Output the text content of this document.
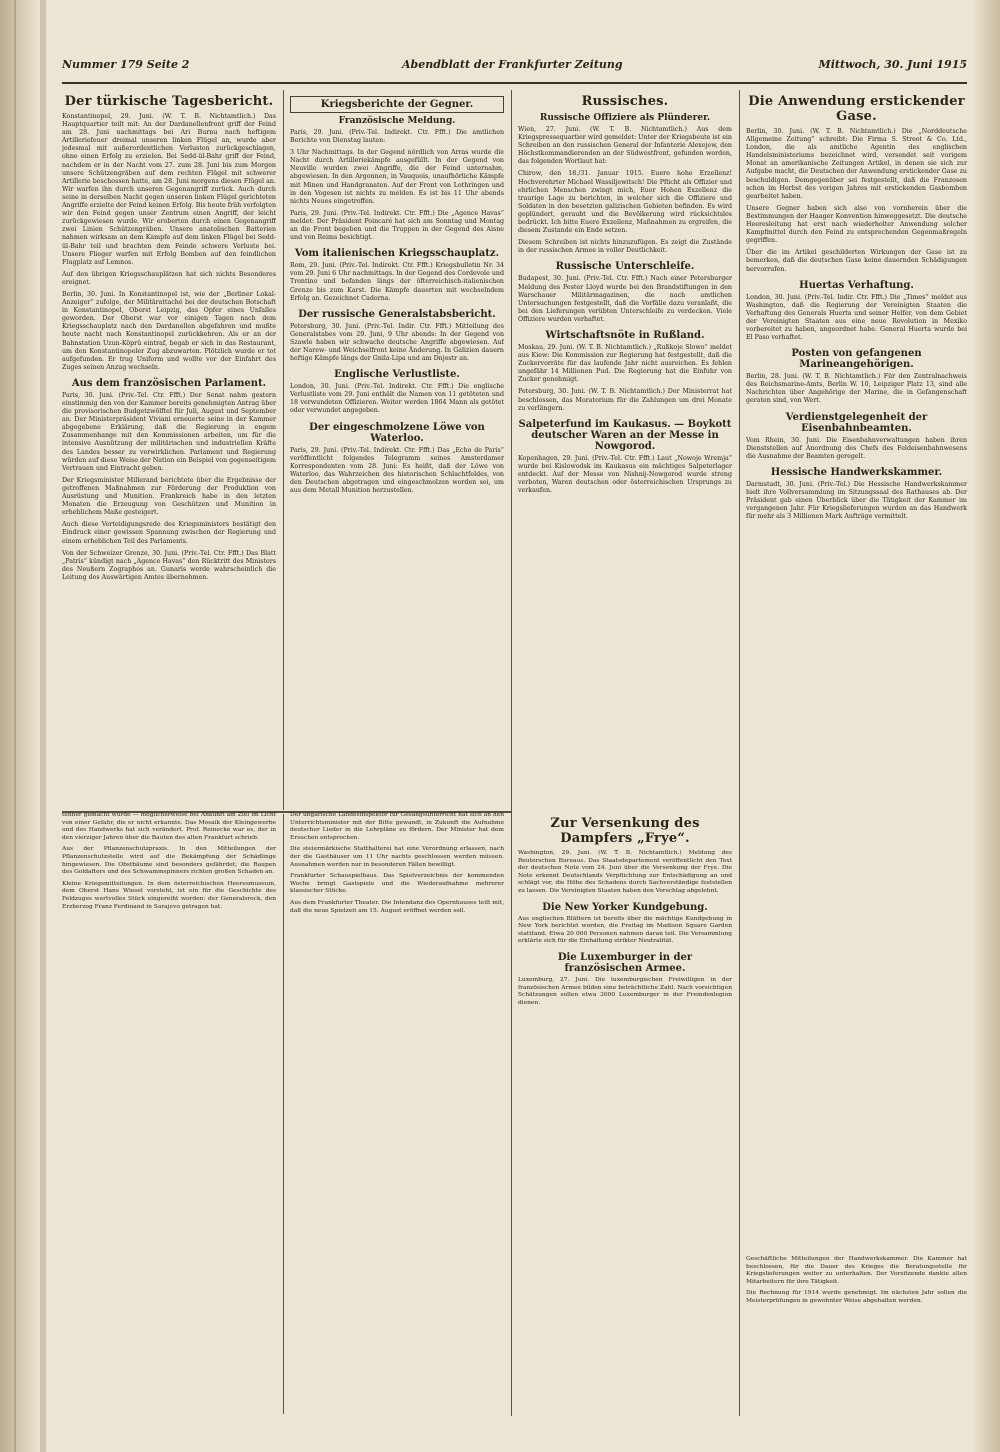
Nummer 179 Seite 2	Abendblatt der Frankfurter Zeitung	Mittwoch, 30. Juni 1915
Der türkische Tagesbericht.

Konstantinopel, 29. Juni. (W. T. B. Nichtamtlich.) Das Hauptquartier teilt mit: An der Dardanellenfront griff der Feind am 28. Juni nachmittags bei Ari Burnu nach heftigem Artilleriefeuer dreimal unseren linken Flügel an, wurde aber jedesmal mit außerordentlichen Verlusten zurückgeschlagen, ohne einen Erfolg zu erzielen. Bei Sedd-ül-Bahr griff der Feind, nachdem er in der Nacht vom 27. zum 28. Juni bis zum Morgen unsere Schützengräben auf dem rechten Flügel mit schwerer Artillerie beschossen hatte, am 28. Juni morgens diesen Flügel an. Wir warfen ihn durch unseren Gegenangriff zurück. Auch durch seine in derselben Nacht gegen unseren linken Flügel gerichteten Angriffe erzielte der Feind keinen Erfolg. Bis heute früh verfolgten wir den Feind gegen unser Zentrum einen Angriff, der leicht zurückgewiesen wurde. Wir eroberten durch einen Gegenangriff zwei Linien Schützengräben. Unsere anatolischen Batterien nahmen wirksam an dem Kampfe auf dem linken Flügel bei Sedd-ül-Bahr teil und brachten dem Feinde schwere Verluste bei. Unsere Flieger warfen mit Erfolg Bomben auf den feindlichen Flugplatz auf Lemnos.

Auf den übrigen Kriegsschauplätzen hat sich nichts Besonderes ereignet.

Berlin, 30. Juni. In Konstantinopel ist, wie der „Berliner Lokal-Anzeiger“ zufolge, der Militärattaché bei der deutschen Botschaft in Konstantinopel, Oberst Leipzig, das Opfer eines Unfalles geworden. Der Oberst war vor einigen Tagen nach dem Kriegsschauplatz nach den Dardanellen abgefahren und mußte heute nacht nach Konstantinopel zurückkehren. Als er an der Bahnstation Uzun-Köprü eintraf, begab er sich in das Restaurant, um den Konstantinopeler Zug abzuwarten. Plötzlich wurde er tot aufgefunden. Er trug Uniform und wollte vor der Einfahrt des Zuges seinen Anzug wechseln.

Aus dem französischen Parlament.

Paris, 30. Juni. (Priv.-Tel. Ctr. Ffft.) Der Senat nahm gestern einstimmig den von der Kammer bereits genehmigten Antrag über die provisorischen Budgetzwölftel für Juli, August und September an. Der Ministerpräsident Viviani erneuerte seine in der Kammer abgegebene Erklärung, daß die Regierung in engem Zusammenhange mit den Kommissionen arbeiten, um für die intensive Ausnützung der militärischen und industriellen Kräfte des Landes besser zu verwirklichen. Parlament und Regierung würden auf diese Weise der Nation ein Beispiel von gegenseitigem Vertrauen und Eintracht geben.

Der Kriegsminister Millerand berichtete über die Ergebnisse der getroffenen Maßnahmen zur Förderung der Produktion von Ausrüstung und Munition. Frankreich habe in den letzten Monaten die Erzeugung von Geschützen und Munition in erheblichem Maße gesteigert.

Auch diese Verteidigungsrede des Kriegsministers bestätigt den Eindruck einer gewissen Spannung zwischen der Regierung und einem erheblichen Teil des Parlaments.

Von der Schweizer Grenze, 30. Juni. (Priv.-Tel. Ctr. Ffft.) Das Blatt „Patris“ kündigt nach „Agence Havas“ den Rücktritt des Ministers des Neußern Zographos an. Gunaris werde wahrscheinlich die Leitung des Auswärtigen Amtes übernehmen.

Kriegsberichte der Gegner.
Französische Meldung.

Paris, 29. Juni. (Priv.-Tel. Indirekt. Ctr. Ffft.) Die amtlichen Berichte von Dienstag lauten:

3 Uhr Nachmittags. In der Gegend nördlich von Arras wurde die Nacht durch Artilleriekämpfe ausgefüllt. In der Gegend von Neuville wurden zwei Angriffe, die der Feind unternahm, abgewiesen. In den Argonnen, in Vauquois, unaufhörliche Kämpfe mit Minen und Handgranaten. Auf der Front von Lothringen und in den Vogesen ist nichts zu melden. Es ist bis 11 Uhr abends nichts Neues eingetroffen.

Paris, 29. Juni. (Priv.-Tel. Indirekt. Ctr. Ffft.) Die „Agence Havas“ meldet: Der Präsident Poincaré hat sich am Sonntag und Montag an die Front begeben und die Truppen in der Gegend des Aisne und von Reims besichtigt.

Vom italienischen Kriegsschauplatz.

Rom, 29. Juni. (Priv.-Tel. Indirekt. Ctr. Ffft.) Kriegsbulletin Nr. 34 vom 29. Juni 6 Uhr nachmittags. In der Gegend des Cordevole und Trentino und befanden längs der öfterreichisch-italienischen Grenze bis zum Karst. Die Kämpfe dauerten mit wechselndem Erfolg an. Gezeichnet Cadorna.

Der russische Generalstabsbericht.

Petersburg, 30. Juni. (Priv.-Tel. Indir. Ctr. Ffft.) Mitteilung des Generalstabes vom 29. Juni, 9 Uhr abends: In der Gegend von Szawle haben wir schwache deutsche Angriffe abgewiesen. Auf der Narew- und Weichselfront keine Änderung. In Galizien dauern heftige Kämpfe längs der Gnila-Lipa und am Dnjestr an.

Englische Verlustliste.

London, 30. Juni. (Priv.-Tel. Indirekt. Ctr. Ffft.) Die englische Verlustliste vom 29. Juni enthält die Namen von 11 getöteten und 18 verwundeten Offizieren. Weiter werden 1864 Mann als getötet oder verwundet angegeben.

Der eingeschmolzene Löwe von Waterloo.

Paris, 29. Juni. (Priv.-Tel. Indirekt. Ctr. Ffft.) Das „Echo de Paris“ veröffentlicht folgendes Telegramm seines Amsterdamer Korrespondenten vom 28. Juni: Es heißt, daß der Löwe von Waterloo, das Wahrzeichen des historischen Schlachtfeldes, von den Deutschen abgetragen und eingeschmolzen worden sei, um aus dem Metall Munition herzustellen.

Russisches.
Russische Offiziere als Plünderer.

Wien, 27. Juni. (W. T. B. Nichtamtlich.) Aus dem Kriegspressequartier wird gemeldet: Unter der Kriegsbeute ist ein Schreiben an den russischen General der Infanterie Alexejew, den Höchstkommandierenden an der Südwestfront, gefunden worden, das folgenden Wortlaut hat:

Chirow, den 18./31. Januar 1915. Euere hohe Erzellenz! Hochverehrter Michael Wassiljewitsch! Die Pflicht als Offizier und ehrlichen Menschen zwingt mich, Euer Hohen Exzellenz die traurige Lage zu berichten, in welcher sich die Offiziere und Soldaten in den besetzten galizischen Gebieten befinden. Es wird geplündert, geraubt und die Bevölkerung wird rücksichtslos bedrückt. Ich bitte Euere Exzellenz, Maßnahmen zu ergreifen, die diesem Zustande ein Ende setzen.

Diesem Schreiben ist nichts hinzuzufügen. Es zeigt die Zustände in der russischen Armee in voller Deutlichkeit.

Russische Unterschleife.

Budapest, 30. Juni. (Priv.-Tel. Ctr. Ffft.) Nach einer Petersburger Meldung des Pester Lloyd wurde bei den Brandstiftungen in den Warschauer Militärmagazinen, die nach amtlichen Untersuchungen festgestellt, daß die Vorfälle dazu veranlaßt, die bei den Lieferungen verübten Unterschleife zu verdecken. Viele Offiziere wurden verhaftet.

Wirtschaftsnöte in Rußland.

Moskau, 29. Juni. (W. T. B. Nichtamtlich.) „Rußkoje Slowo“ meldet aus Kiew: Die Kommission zur Regierung hat festgestellt, daß die Zuckervorräte für das laufende Jahr nicht ausreichen. Es fehlen ungefähr 14 Millionen Pud. Die Regierung hat die Einfuhr von Zucker genehmigt.

Petersburg, 30. Juni. (W. T. B. Nichtamtlich.) Der Ministerrat hat beschlossen, das Moratorium für die Zahlungen um drei Monate zu verlängern.

Salpeterfund im Kaukasus. — Boykott deutscher Waren an der Messe in Nowgorod.

Kopenhagen, 29. Juni. (Priv.-Tel. Ctr. Ffft.) Laut „Nowoje Wremja“ wurde bei Kislowodsk im Kaukasus ein mächtiges Salpeterlager entdeckt. Auf der Messe von Nishnij-Nowgorod wurde streng verboten, Waren deutschen oder österreichischen Ursprungs zu verkaufen.

Die Anwendung erstickender Gase.

Berlin, 30. Juni. (W. T. B. Nichtamtlich.) Die „Norddeutsche Allgemeine Zeitung“ schreibt: Die Firma S. Street & Co. Ltd., London, die als amtliche Agentin des englischen Handelsministeriums bezeichnet wird, versendet seit vorigem Monat an amerikanische Zeitungen Artikel, in denen sie sich zur Aufgabe macht, die Deutschen der Anwendung erstickender Gase zu beschuldigen. Demgegenüber sei festgestellt, daß die Franzosen schon im Herbst des vorigen Jahres mit erstickenden Gasbomben gearbeitet haben.

Unsere Gegner haben sich also von vornherein über die Bestimmungen der Haager Konvention hinweggesetzt. Die deutsche Heeresleitung hat erst nach wiederholter Anwendung solcher Kampfmittel durch den Feind zu entsprechenden Gegenmaßregeln gegriffen.

Über die im Artikel geschilderten Wirkungen der Gase ist zu bemerken, daß die deutschen Gase keine dauernden Schädigungen hervorrufen.

Huertas Verhaftung.

London, 30. Juni. (Priv.-Tel. Indir. Ctr. Ffft.) Die „Times“ meldet aus Washington, daß die Regierung der Vereinigten Staaten die Verhaftung des Generals Huerta und seiner Helfer, von dem Gebiet der Vereinigten Staaten aus eine neue Revolution in Mexiko vorbereitet zu haben, angeordnet habe. General Huerta wurde bei El Paso verhaftet.

Posten von gefangenen Marineangehörigen.

Berlin, 28. Juni. (W. T. B. Nichtamtlich.) Für den Zentralnachweis des Reichsmarine-Amts, Berlin W. 10, Leipziger Platz 13, sind alle Nachrichten über Angehörige der Marine, die in Gefangenschaft geraten sind, von Wert.

Verdienstgelegenheit der Eisenbahnbeamten.

Vom Rhein, 30. Juni. Die Eisenbahnverwaltungen haben ihren Dienststellen auf Anordnung des Chefs des Feldeisenbahnwesens die Ausnahme der Beamten geregelt.

Hessische Handwerkskammer.

Darmstadt, 30. Juni. (Priv.-Tel.) Die Hessische Handwerkskammer hielt ihre Vollversammlung im Sitzungssaal des Rathauses ab. Der Präsident gab einen Überblick über die Tätigkeit der Kammer im vergangenen Jahr. Für Kriegslieferungen wurden an das Handwerk für mehr als 3 Millionen Mark Aufträge vermittelt.

tenner gemacht wurde — möglicherweise bei Ankunft am Ziel im Licht von einer Gefahr, die er nicht erkannte. Das Mosaik der Kleingewerbe und des Handwerks hat sich verändert. Prof. Reinecke war es, der in den vierziger Jahren über die Bauten des alten Frankfurt schrieb.

Aus der Pflanzenschutzpraxis. In den Mitteilungen der Pflanzenschutzstelle wird auf die Bekämpfung der Schädlinge hingewiesen. Die Obstbäume sind besonders gefährdet; die Raupen des Goldafters und des Schwammspinners richten großen Schaden an.

Kleine Kriegsmitteilungen. In dem österreichischen Heeresmuseum, dem Oberst Hans Wiesel vorsteht, ist ein für die Geschichte des Feldzuges wertvolles Stück eingereiht worden: der Generalsrock, den Erzherzog Franz Ferdinand in Sarajevo getragen hat.

Der ungarische Landesinspektor für Gesangsunterricht hat sich an den Unterrichtsminister mit der Bitte gewandt, in Zukunft die Aufnahme deutscher Lieder in die Lehrpläne zu fördern. Der Minister hat dem Ersuchen entsprochen.

Die steiermärkische Statthalterei hat eine Verordnung erlassen, nach der die Gasthäuser um 11 Uhr nachts geschlossen werden müssen. Ausnahmen werden nur in besonderen Fällen bewilligt.

Frankfurter Schauspielhaus. Das Spielverzeichnis der kommenden Woche bringt Gastspiele und die Wiederaufnahme mehrerer klassischer Stücke.

Aus dem Frankfurter Theater. Die Intendanz des Opernhauses teilt mit, daß die neue Spielzeit am 15. August eröffnet werden soll.

Zur Versenkung des Dampfers „Frye“.

Washington, 29. Juni. (W. T. B. Nichtamtlich.) Meldung des Reuterschen Bureaus. Das Staatsdepartement veröffentlicht den Text der deutschen Note vom 24. Juni über die Versenkung der Frye. Die Note erkennt Deutschlands Verpflichtung zur Entschädigung an und schlägt vor, die Höhe des Schadens durch Sachverständige feststellen zu lassen. Die Vereinigten Staaten haben den Vorschlag abgelehnt.

Die New Yorker Kundgebung.

Aus englischen Blättern ist bereits über die mächtige Kundgebung in New York berichtet worden, die Freitag im Madison Square Garden stattfand. Etwa 20 000 Personen nahmen daran teil. Die Versammlung erklärte sich für die Einhaltung strikter Neutralität.

Die Luxemburger in der französischen Armee.

Luxemburg, 27. Juni. Die luxemburgischen Freiwilligen in der französischen Armee bilden eine beträchtliche Zahl. Nach vorsichtigen Schätzungen sollen etwa 3000 Luxemburger in der Fremdenlegion dienen.

Geschäftliche Mitteilungen der Handwerkskammer. Die Kammer hat beschlossen, für die Dauer des Krieges die Beratungsstelle für Kriegslieferungen weiter zu unterhalten. Der Vorsitzende dankte allen Mitarbeitern für ihre Tätigkeit.

Die Rechnung für 1914 wurde genehmigt. Im nächsten Jahr sollen die Meisterprüfungen in gewohnter Weise abgehalten werden.
